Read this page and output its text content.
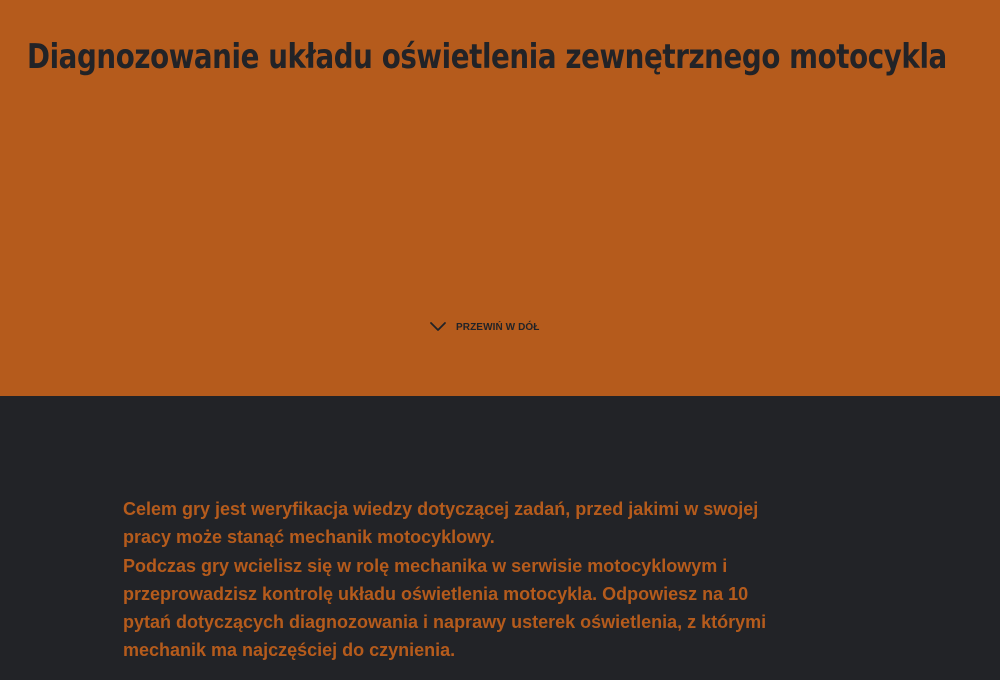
Diagnozowanie układu oświetlenia zewnętrznego motocykla
PRZEWIŃ W DÓŁ

Celem gry jest weryfikacja wiedzy dotyczącej zadań, przed jakimi w swojej pracy może stanąć mechanik motocyklowy.

Podczas gry wcielisz się w rolę mechanika w serwisie motocyklowym i przeprowadzisz kontrolę układu oświetlenia motocykla. Odpowiesz na 10 pytań dotyczących diagnozowania i naprawy usterek oświetlenia, z którymi mechanik ma najczęściej do czynienia.
